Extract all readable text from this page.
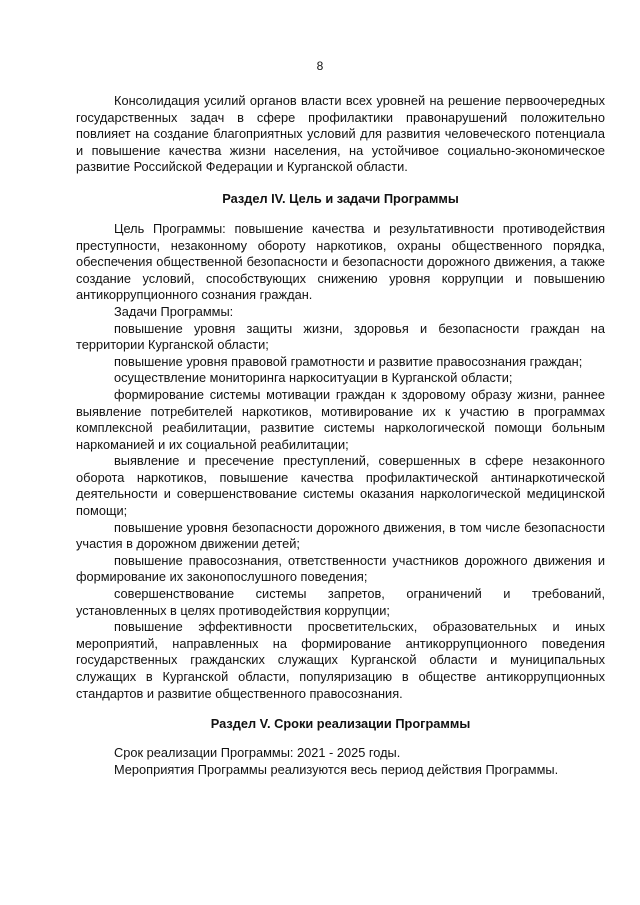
8

Консолидация усилий органов власти всех уровней на решение первоочередных государственных задач в сфере профилактики правонарушений положительно повлияет на создание благоприятных условий для развития человеческого потенциала и повышение качества жизни населения, на устойчивое социально-экономическое развитие Российской Федерации и Курганской области.

Раздел IV. Цель и задачи Программы

Цель Программы: повышение качества и результативности противодействия преступности, незаконному обороту наркотиков, охраны общественного порядка, обеспечения общественной безопасности и безопасности дорожного движения, а также создание условий, способствующих снижению уровня коррупции и повышению антикоррупционного сознания граждан.

Задачи Программы:

повышение уровня защиты жизни, здоровья и безопасности граждан на территории Курганской области;

повышение уровня правовой грамотности и развитие правосознания граждан;

осуществление мониторинга наркоситуации в Курганской области;

формирование системы мотивации граждан к здоровому образу жизни, раннее выявление потребителей наркотиков, мотивирование их к участию в программах комплексной реабилитации, развитие системы наркологической помощи больным наркоманией и их социальной реабилитации;

выявление и пресечение преступлений, совершенных в сфере незаконного оборота наркотиков, повышение качества профилактической антинаркотической деятельности и совершенствование системы оказания наркологической медицинской помощи;

повышение уровня безопасности дорожного движения, в том числе безопасности участия в дорожном движении детей;

повышение правосознания, ответственности участников дорожного движения и формирование их законопослушного поведения;

совершенствование системы запретов, ограничений и требований, установленных в целях противодействия коррупции;

повышение эффективности просветительских, образовательных и иных мероприятий, направленных на формирование антикоррупционного поведения государственных гражданских служащих Курганской области и муниципальных служащих в Курганской области, популяризацию в обществе антикоррупционных стандартов и развитие общественного правосознания.

Раздел V. Сроки реализации Программы

Срок реализации Программы: 2021 - 2025 годы.

Мероприятия Программы реализуются весь период действия Программы.
